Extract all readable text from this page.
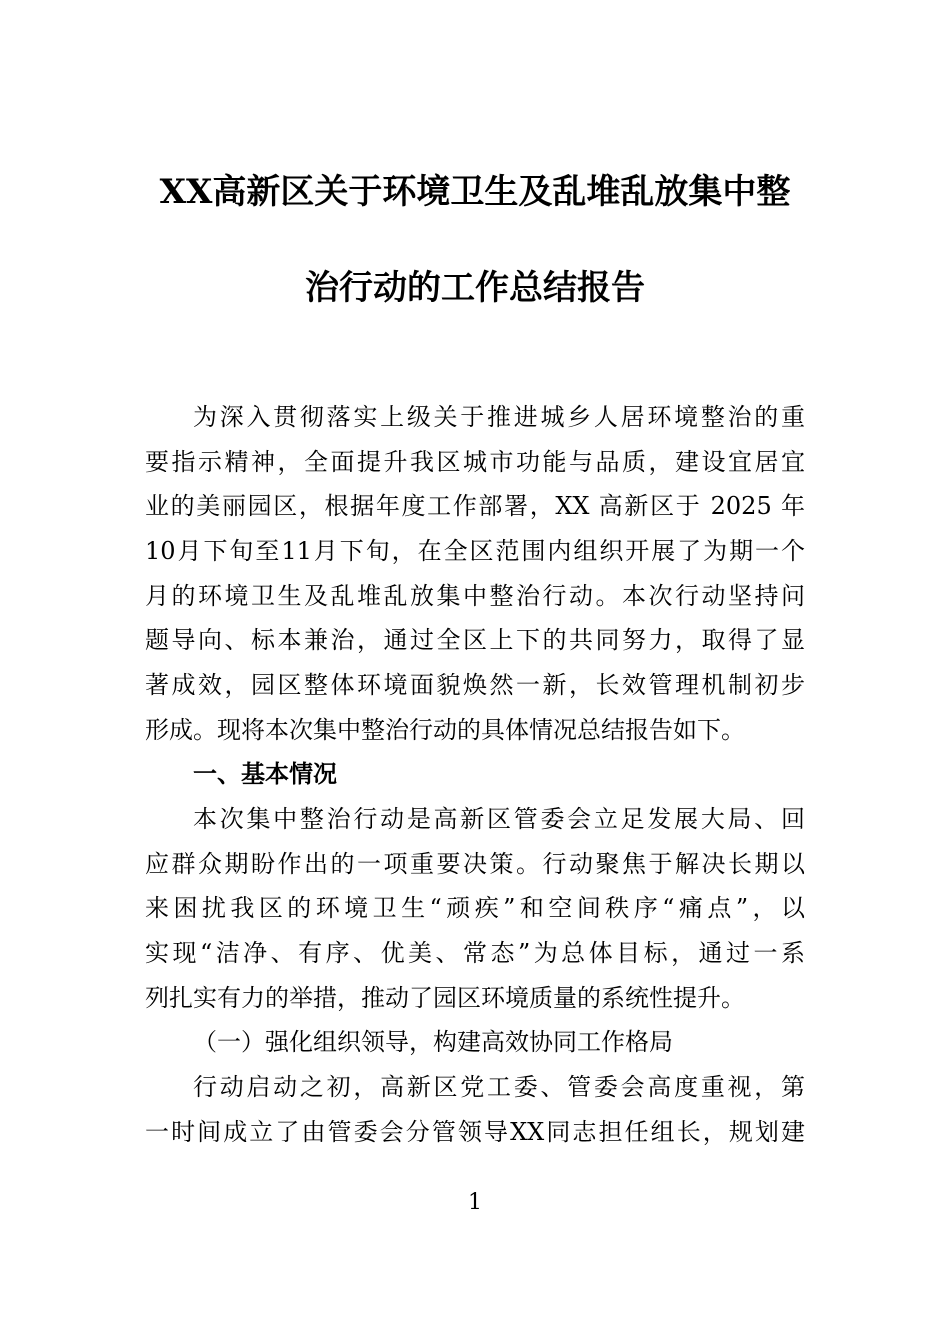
XX高新区关于环境卫生及乱堆乱放集中整
治行动的工作总结报告
为深入贯彻落实上级关于推进城乡人居环境整治的重
要指示精神，全面提升我区城市功能与品质，建设宜居宜
业的美丽园区，根据年度工作部署，XX 高新区于 2025 年
10月下旬至11月下旬，在全区范围内组织开展了为期一个
月的环境卫生及乱堆乱放集中整治行动。本次行动坚持问
题导向、标本兼治，通过全区上下的共同努力，取得了显
著成效，园区整体环境面貌焕然一新，长效管理机制初步
形成。现将本次集中整治行动的具体情况总结报告如下。
一、基本情况
本次集中整治行动是高新区管委会立足发展大局、回
应群众期盼作出的一项重要决策。行动聚焦于解决长期以
来困扰我区的环境卫生“顽疾”和空间秩序“痛点”，以
实现“洁净、有序、优美、常态”为总体目标，通过一系
列扎实有力的举措，推动了园区环境质量的系统性提升。
（一）强化组织领导，构建高效协同工作格局
行动启动之初，高新区党工委、管委会高度重视，第
一时间成立了由管委会分管领导XX同志担任组长，规划建
1
